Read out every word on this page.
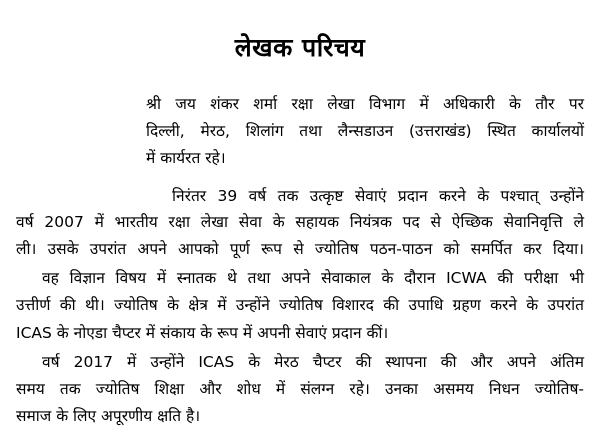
लेखक परिचय
श्री जय शंकर शर्मा रक्षा लेखा विभाग में अधिकारी के तौर पर
दिल्ली, मेरठ, शिलांग तथा लैन्सडाउन (उत्तराखंड) स्थित कार्यालयों
में कार्यरत रहे।
निरंतर 39 वर्ष तक उत्कृष्ट सेवाएं प्रदान करने के पश्चात् उन्होंने
वर्ष 2007 में भारतीय रक्षा लेखा सेवा के सहायक नियंत्रक पद से ऐच्छिक सेवानिवृत्ति ले
ली। उसके उपरांत अपने आपको पूर्ण रूप से ज्योतिष पठन-पाठन को समर्पित कर दिया।
वह विज्ञान विषय में स्नातक थे तथा अपने सेवाकाल के दौरान ICWA की परीक्षा भी
उत्तीर्ण की थी। ज्योतिष के क्षेत्र में उन्होंने ज्योतिष विशारद की उपाधि ग्रहण करने के उपरांत
ICAS के नोएडा चैप्टर में संकाय के रूप में अपनी सेवाएं प्रदान कीं।
वर्ष 2017 में उन्होंने ICAS के मेरठ चैप्टर की स्थापना की और अपने अंतिम
समय तक ज्योतिष शिक्षा और शोध में संलग्न रहे। उनका असमय निधन ज्योतिष-
समाज के लिए अपूरणीय क्षति है।
